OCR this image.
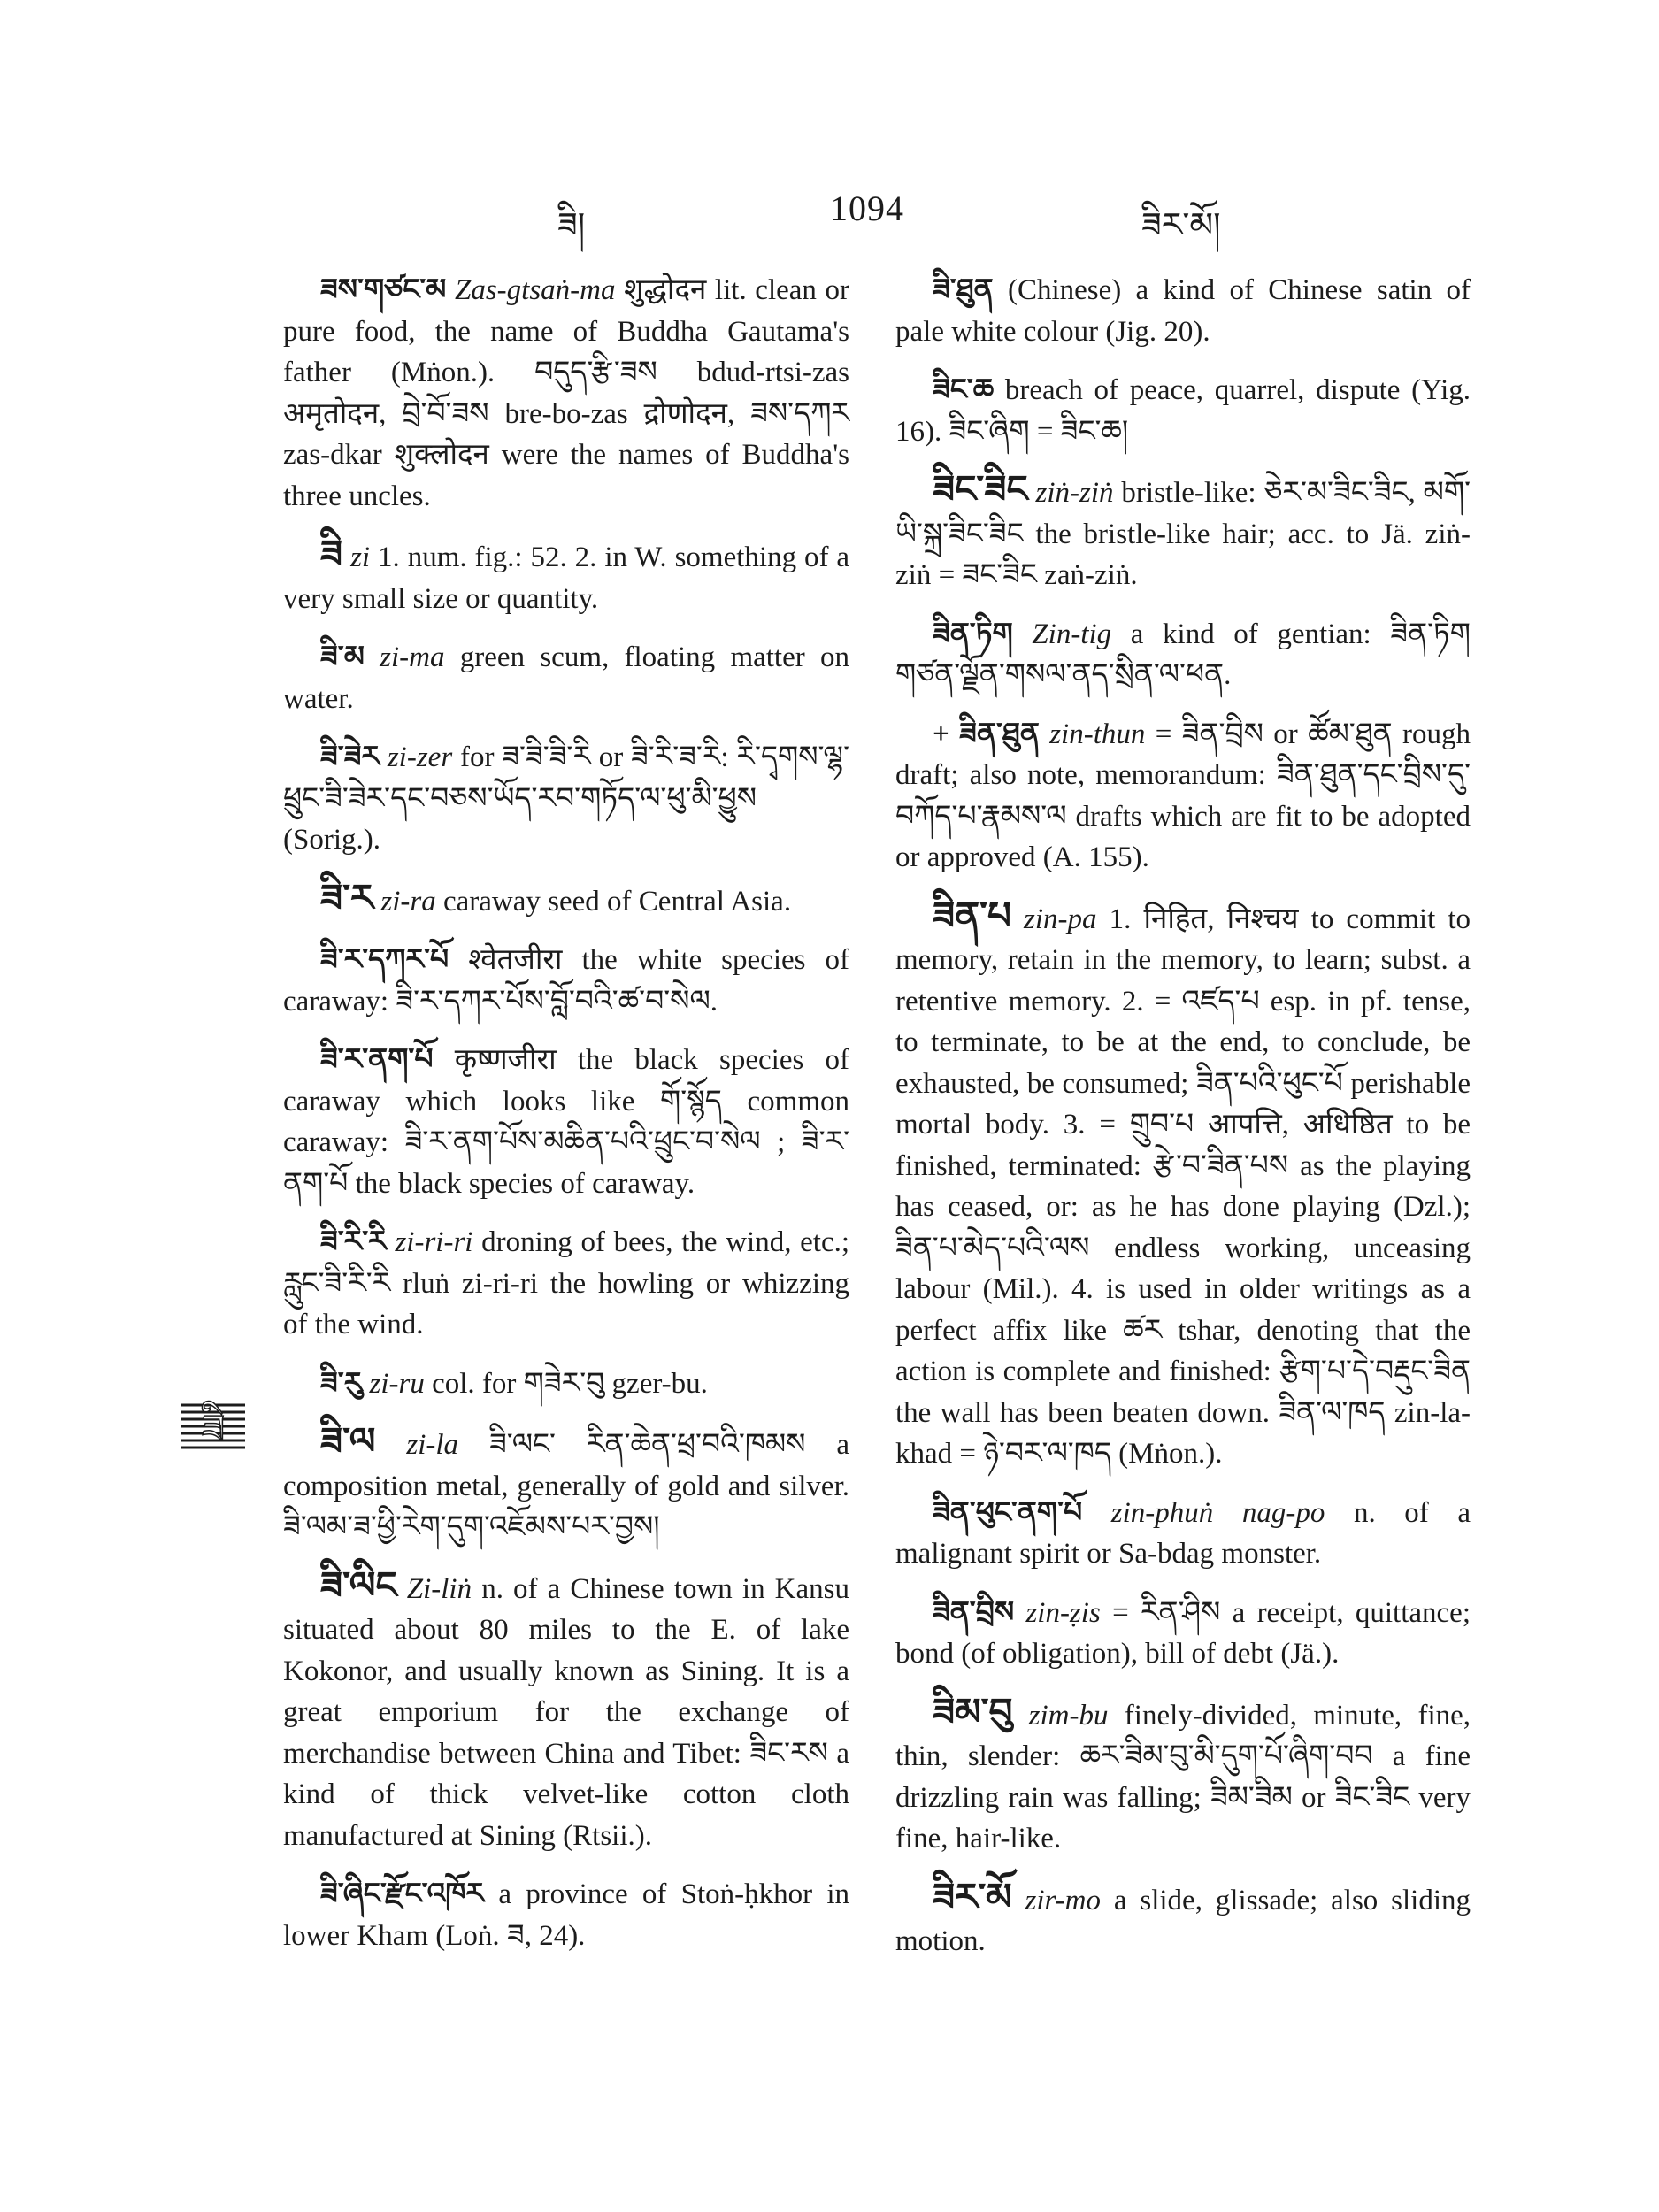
ཟི།	1094	ཟིར་མོ།

ཟས་གཙང་མ Zas-gtsaṅ-ma शुद्धोदन lit. clean or pure food, the name of Buddha Gautama's father (Mṅon.). བདུད་རྩི་ཟས bdud-rtsi-zas अमृतोदन, བྲེ་བོ་ཟས bre-bo-zas द्रोणोदन, ཟས་དཀར zas-dkar शुक्लोदन were the names of Buddha's three uncles.

ཟི zi 1. num. fig.: 52. 2. in W. something of a very small size or quantity.

ཟི་མ zi-ma green scum, floating matter on water.

ཟི་ཟེར zi-zer for ཟ་ཟི་ཟི་རི or ཟི་རི་ཟ་རི: རི་དྭགས་ལྷ་ཕྲུང་ཟི་ཟེར་དང་བཅས་ཡོད་རབ་གཏོད་ལ་ཕུ་མི་ཕྱུས (Sorig.).

ཟི་ར zi-ra caraway seed of Central Asia.

ཟི་ར་དཀར་པོ श्वेतजीरा the white species of caraway: ཟི་ར་དཀར་པོས་བློ་བའི་ཚ་བ་སེལ.

ཟི་ར་ནག་པོ कृष्णजीरा the black species of caraway which looks like གོ་སྙོད common caraway: ཟི་ར་ནག་པོས་མཆིན་པའི་ཕྲུང་བ་སེལ ; ཟི་ར་ནག་པོ the black species of caraway.

ཟི་རི་རི zi-ri-ri droning of bees, the wind, etc.; རླུང་ཟི་རི་རི rluṅ zi-ri-ri the howling or whizzing of the wind.

ཟི་རུ zi-ru col. for གཟེར་བུ gzer-bu.

ཟི་ལ zi-la ཟི་ལང་ རིན་ཆེན་ཕྲ་བའི་ཁམས a composition metal, generally of gold and silver. ཟི་ལམ་ཟ་ཕྱི་རེག་དུག་འཇོམས་པར་བྱས།

ཟི་ལིང Zi-liṅ n. of a Chinese town in Kansu situated about 80 miles to the E. of lake Kokonor, and usually known as Sining. It is a great emporium for the exchange of merchandise between China and Tibet: ཟིང་རས a kind of thick velvet-like cotton cloth manufactured at Sining (Rtsii.).

ཟི་ཞིང་རྫོང་འཁོར a province of Stoṅ-ḥkhor in lower Kham (Loṅ. ཟ, 24).

ཟི

ཟི་ཐུན (Chinese) a kind of Chinese satin of pale white colour (Jig. 20).

ཟིང་ཆ breach of peace, quarrel, dispute (Yig. 16). ཟིང་ཞིག = ཟིང་ཆ།

ཟིང་ཟིང ziṅ-ziṅ bristle-like: ཅེར་མ་ཟིང་ཟིང, མགོ་ཡི་སྐྲ་ཟིང་ཟིང the bristle-like hair; acc. to Jä. ziṅ-ziṅ = ཟང་ཟིང zaṅ-ziṅ.

ཟིན་ཏིག Zin-tig a kind of gentian: ཟིན་ཏིག གཙན་ལྗོན་གསལ་ནད་སྲིན་ལ་ཕན.

+ ཟིན་ཐུན zin-thun = ཟིན་བྲིས or ཚོམ་ཐུན rough draft; also note, memorandum: ཟིན་ཐུན་དང་བྲིས་དུ་བཀོད་པ་རྣམས་ལ drafts which are fit to be adopted or approved (A. 155).

ཟིན་པ zin-pa 1. निहित, निश्चय to commit to memory, retain in the memory, to learn; subst. a retentive memory. 2. = འཛད་པ esp. in pf. tense, to terminate, to be at the end, to conclude, be exhausted, be consumed; ཟིན་པའི་ཕུང་པོ perishable mortal body. 3. = གྲུབ་པ आपत्ति, अधिष्ठित to be finished, terminated: རྩེ་བ་ཟིན་པས as the playing has ceased, or: as he has done playing (Dzl.); ཟིན་པ་མེད་པའི་ལས endless working, unceasing labour (Mil.). 4. is used in older writings as a perfect affix like ཚར tshar, denoting that the action is complete and finished: རྩིག་པ་དེ་བརྡུང་ཟིན the wall has been beaten down. ཟིན་ལ་ཁད zin-la-khad = ཉེ་བར་ལ་ཁད (Mṅon.).

ཟིན་ཕུང་ནག་པོ zin-phuṅ nag-po n. of a malignant spirit or Sa-bdag monster.

ཟིན་བྲིས zin-ẓis = རིན་ཤིས a receipt, quittance; bond (of obligation), bill of debt (Jä.).

ཟིམ་བུ zim-bu finely-divided, minute, fine, thin, slender: ཆར་ཟིམ་བུ་མི་དུག་པོ་ཞིག་བབ a fine drizzling rain was falling; ཟིམ་ཟིམ or ཟིང་ཟིང very fine, hair-like.

ཟིར་མོ zir-mo a slide, glissade; also sliding motion.
